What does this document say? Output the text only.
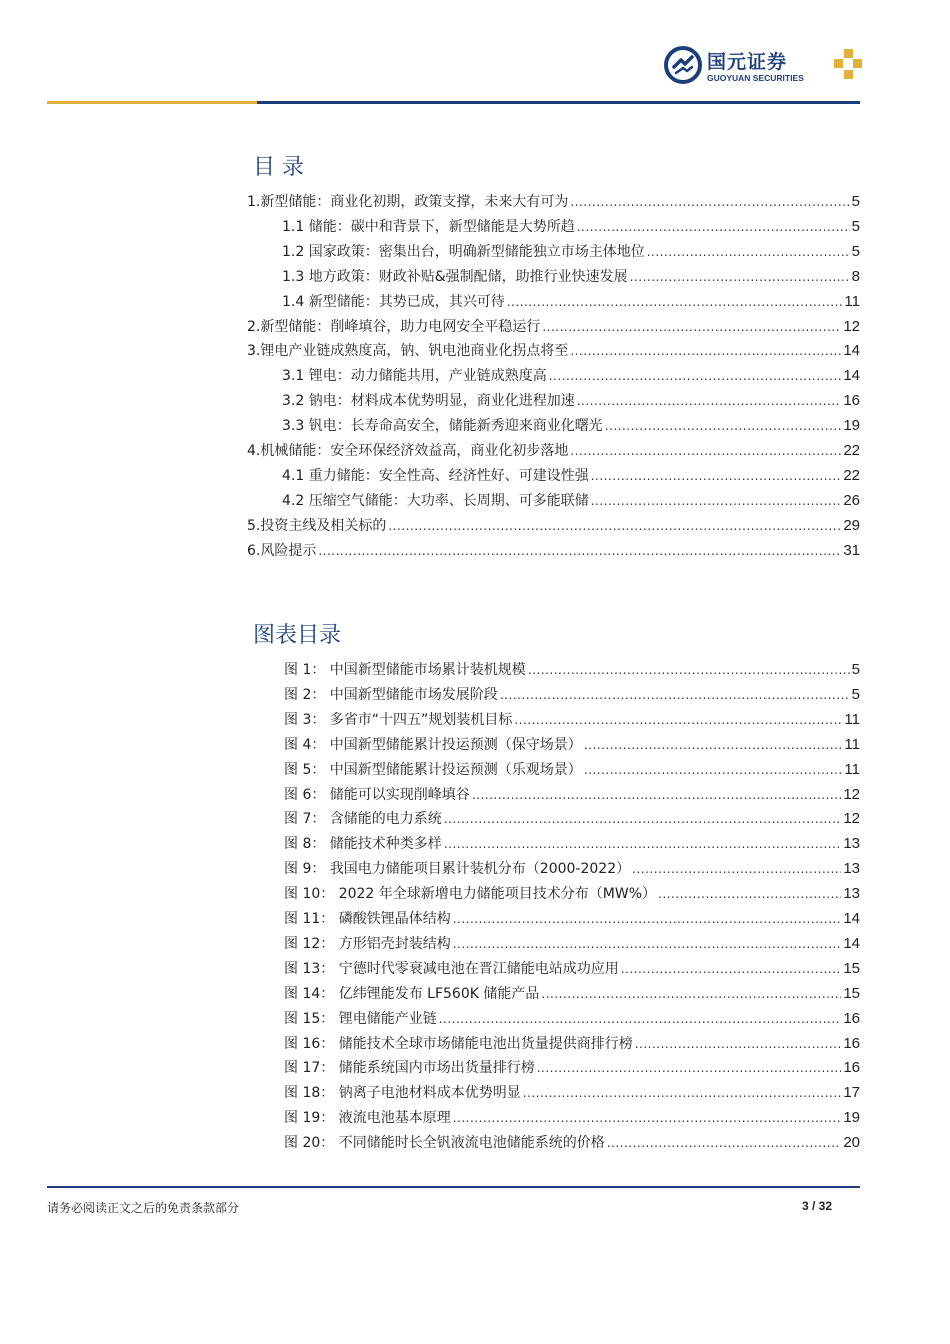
国元证券
GUOYUAN SECURITIES
目 录
1.新型储能：商业化初期，政策支撑，未来大有可为 .....	5
1.1 储能：碳中和背景下，新型储能是大势所趋 .....	5
1.2 国家政策：密集出台，明确新型储能独立市场主体地位 .....	5
1.3 地方政策：财政补贴&强制配储，助推行业快速发展 .....	8
1.4 新型储能：其势已成，其兴可待 .....	11
2.新型储能：削峰填谷，助力电网安全平稳运行 .....	12
3.锂电产业链成熟度高，钠、钒电池商业化拐点将至 .....	14
3.1 锂电：动力储能共用，产业链成熟度高 .....	14
3.2 钠电：材料成本优势明显，商业化进程加速 .....	16
3.3 钒电：长寿命高安全，储能新秀迎来商业化曙光 .....	19
4.机械储能：安全环保经济效益高，商业化初步落地 .....	22
4.1 重力储能：安全性高、经济性好、可建设性强 .....	22
4.2 压缩空气储能：大功率、长周期、可多能联储 .....	26
5.投资主线及相关标的 .....	29
6.风险提示 .....	31
图表目录
图 1： 中国新型储能市场累计装机规模 .....	5
图 2： 中国新型储能市场发展阶段 .....	5
图 3： 多省市“十四五”规划装机目标 .....	11
图 4： 中国新型储能累计投运预测（保守场景） .....	11
图 5： 中国新型储能累计投运预测（乐观场景） .....	11
图 6： 储能可以实现削峰填谷 .....	12
图 7： 含储能的电力系统 .....	12
图 8： 储能技术种类多样 .....	13
图 9： 我国电力储能项目累计装机分布（2000-2022） .....	13
图 10： 2022 年全球新增电力储能项目技术分布（MW%） .....	13
图 11： 磷酸铁锂晶体结构 .....	14
图 12： 方形铝壳封装结构 .....	14
图 13： 宁德时代零衰减电池在晋江储能电站成功应用 .....	15
图 14： 亿纬锂能发布 LF560K 储能产品 .....	15
图 15： 锂电储能产业链 .....	16
图 16： 储能技术全球市场储能电池出货量提供商排行榜 .....	16
图 17： 储能系统国内市场出货量排行榜 .....	16
图 18： 钠离子电池材料成本优势明显 .....	17
图 19： 液流电池基本原理 .....	19
图 20： 不同储能时长全钒液流电池储能系统的价格 .....	20
请务必阅读正文之后的免责条款部分	3 / 32
